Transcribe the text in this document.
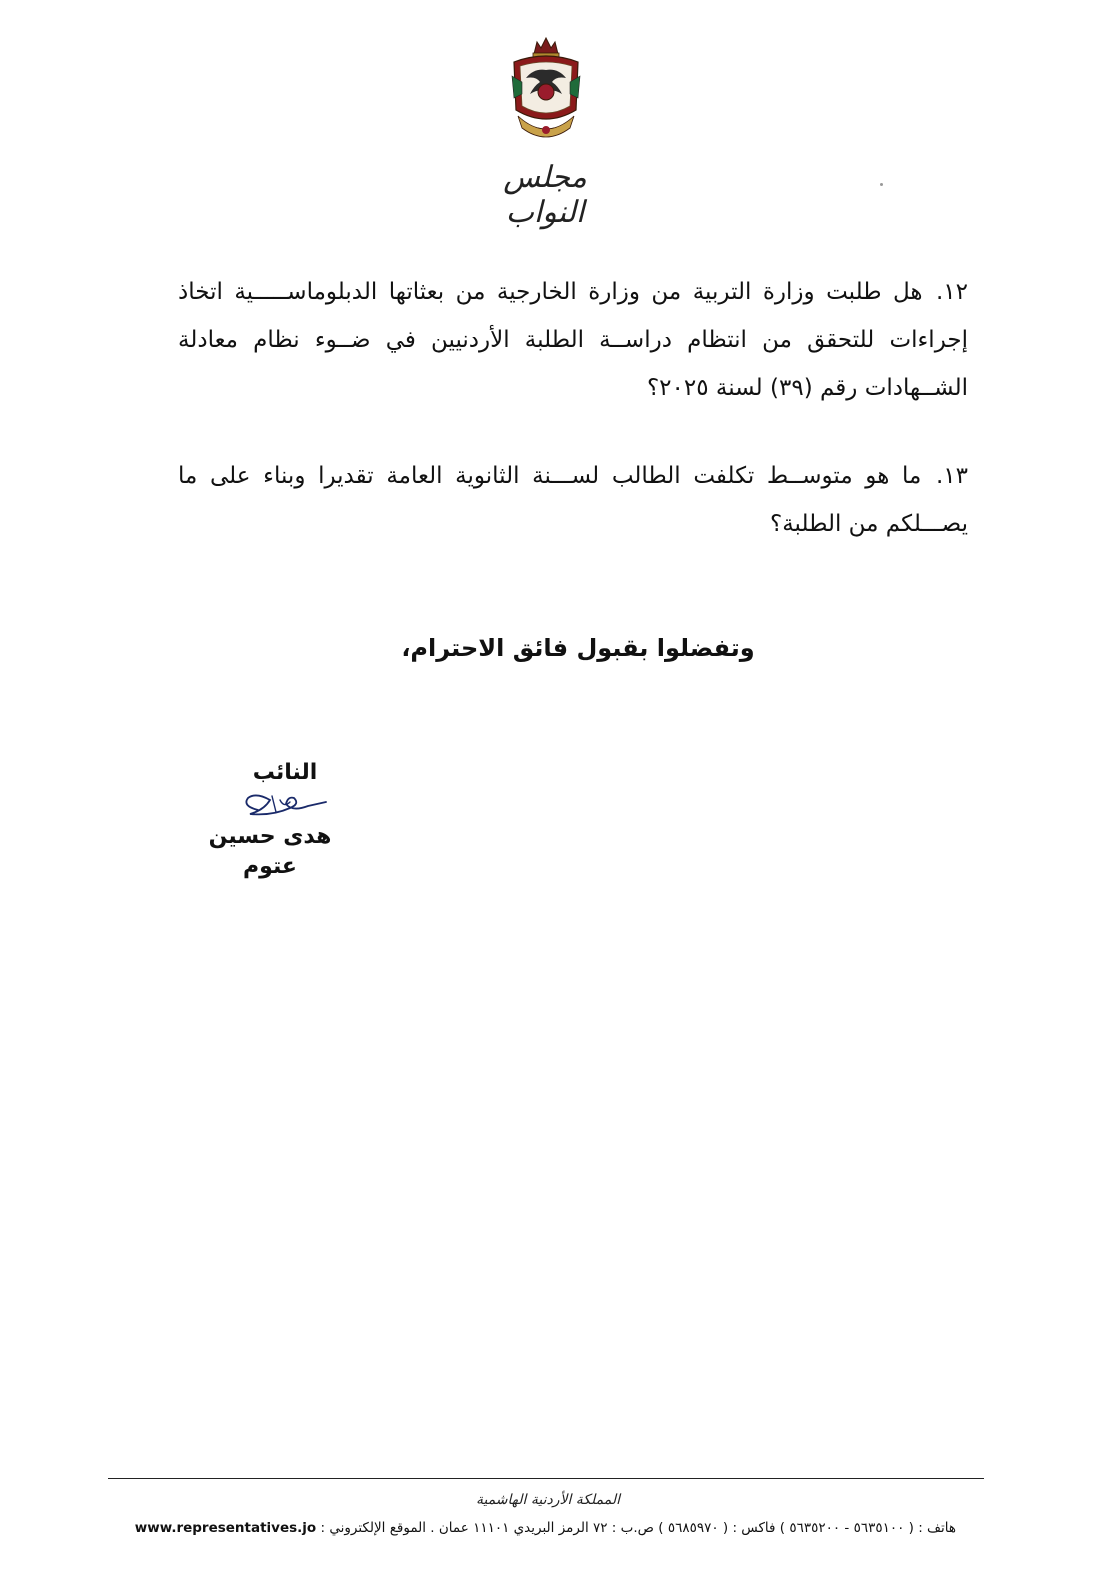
مجلس النواب
١٢. هل طلبت وزارة التربية من وزارة الخارجية من بعثاتها الدبلوماســـــية اتخاذ إجراءات للتحقق من انتظام دراســة الطلبة الأردنيين في ضــوء نظام معادلة الشــهادات رقم (٣٩) لسنة ٢٠٢٥؟
١٣. ما هو متوســط تكلفت الطالب لســـنة الثانوية العامة تقديرا وبناء على ما يصـــلكم من الطلبة؟
وتفضلوا بقبول فائق الاحترام،
النائب
هدى حسين عتوم
المملكة الأردنية الهاشمية
هاتف : ( ٥٦٣٥١٠٠ - ٥٦٣٥٢٠٠ ) فاكس : ( ٥٦٨٥٩٧٠ ) ص.ب : ٧٢ الرمز البريدي ١١١٠١ عمان . الموقع الإلكتروني : www.representatives.jo
